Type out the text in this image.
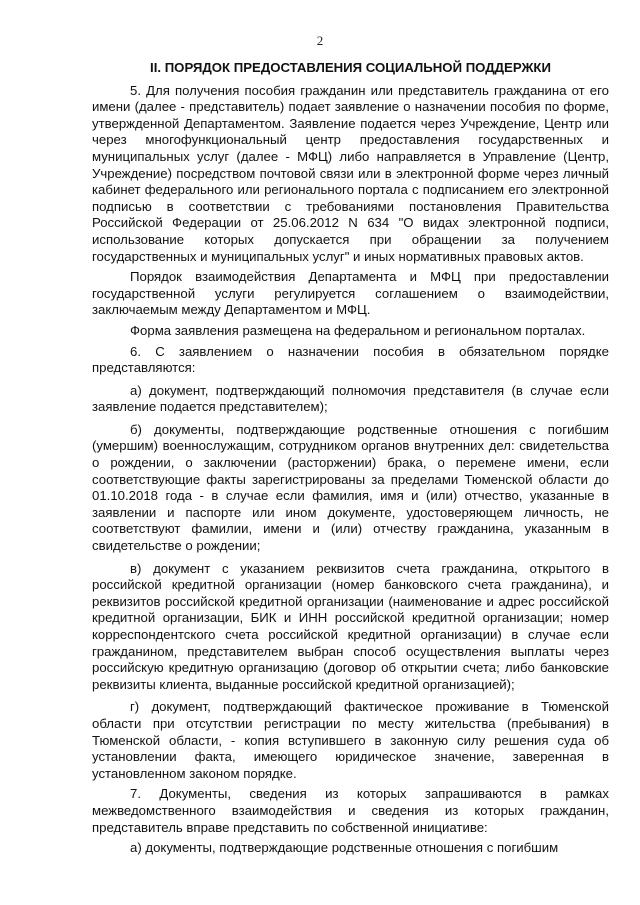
2
II. ПОРЯДОК ПРЕДОСТАВЛЕНИЯ СОЦИАЛЬНОЙ ПОДДЕРЖКИ

5. Для получения пособия гражданин или представитель гражданина от его имени (далее - представитель) подает заявление о назначении пособия по форме, утвержденной Департаментом. Заявление подается через Учреждение, Центр или через многофункциональный центр предоставления государственных и муниципальных услуг (далее - МФЦ) либо направляется в Управление (Центр, Учреждение) посредством почтовой связи или в электронной форме через личный кабинет федерального или регионального портала с подписанием его электронной подписью в соответствии с требованиями постановления Правительства Российской Федерации от 25.06.2012 N 634 "О видах электронной подписи, использование которых допускается при обращении за получением государственных и муниципальных услуг" и иных нормативных правовых актов.

Порядок взаимодействия Департамента и МФЦ при предоставлении государственной услуги регулируется соглашением о взаимодействии, заключаемым между Департаментом и МФЦ.

Форма заявления размещена на федеральном и региональном порталах.

6. С заявлением о назначении пособия в обязательном порядке представляются:

а) документ, подтверждающий полномочия представителя (в случае если заявление подается представителем);

б) документы, подтверждающие родственные отношения с погибшим (умершим) военнослужащим, сотрудником органов внутренних дел: свидетельства о рождении, о заключении (расторжении) брака, о перемене имени, если соответствующие факты зарегистрированы за пределами Тюменской области до 01.10.2018 года - в случае если фамилия, имя и (или) отчество, указанные в заявлении и паспорте или ином документе, удостоверяющем личность, не соответствуют фамилии, имени и (или) отчеству гражданина, указанным в свидетельстве о рождении;

в) документ с указанием реквизитов счета гражданина, открытого в российской кредитной организации (номер банковского счета гражданина), и реквизитов российской кредитной организации (наименование и адрес российской кредитной организации, БИК и ИНН российской кредитной организации; номер корреспондентского счета российской кредитной организации) в случае если гражданином, представителем выбран способ осуществления выплаты через российскую кредитную организацию (договор об открытии счета; либо банковские реквизиты клиента, выданные российской кредитной организацией);

г) документ, подтверждающий фактическое проживание в Тюменской области при отсутствии регистрации по месту жительства (пребывания) в Тюменской области, - копия вступившего в законную силу решения суда об установлении факта, имеющего юридическое значение, заверенная в установленном законом порядке.

7. Документы, сведения из которых запрашиваются в рамках межведомственного взаимодействия и сведения из которых гражданин, представитель вправе представить по собственной инициативе:

а) документы, подтверждающие родственные отношения с погибшим
